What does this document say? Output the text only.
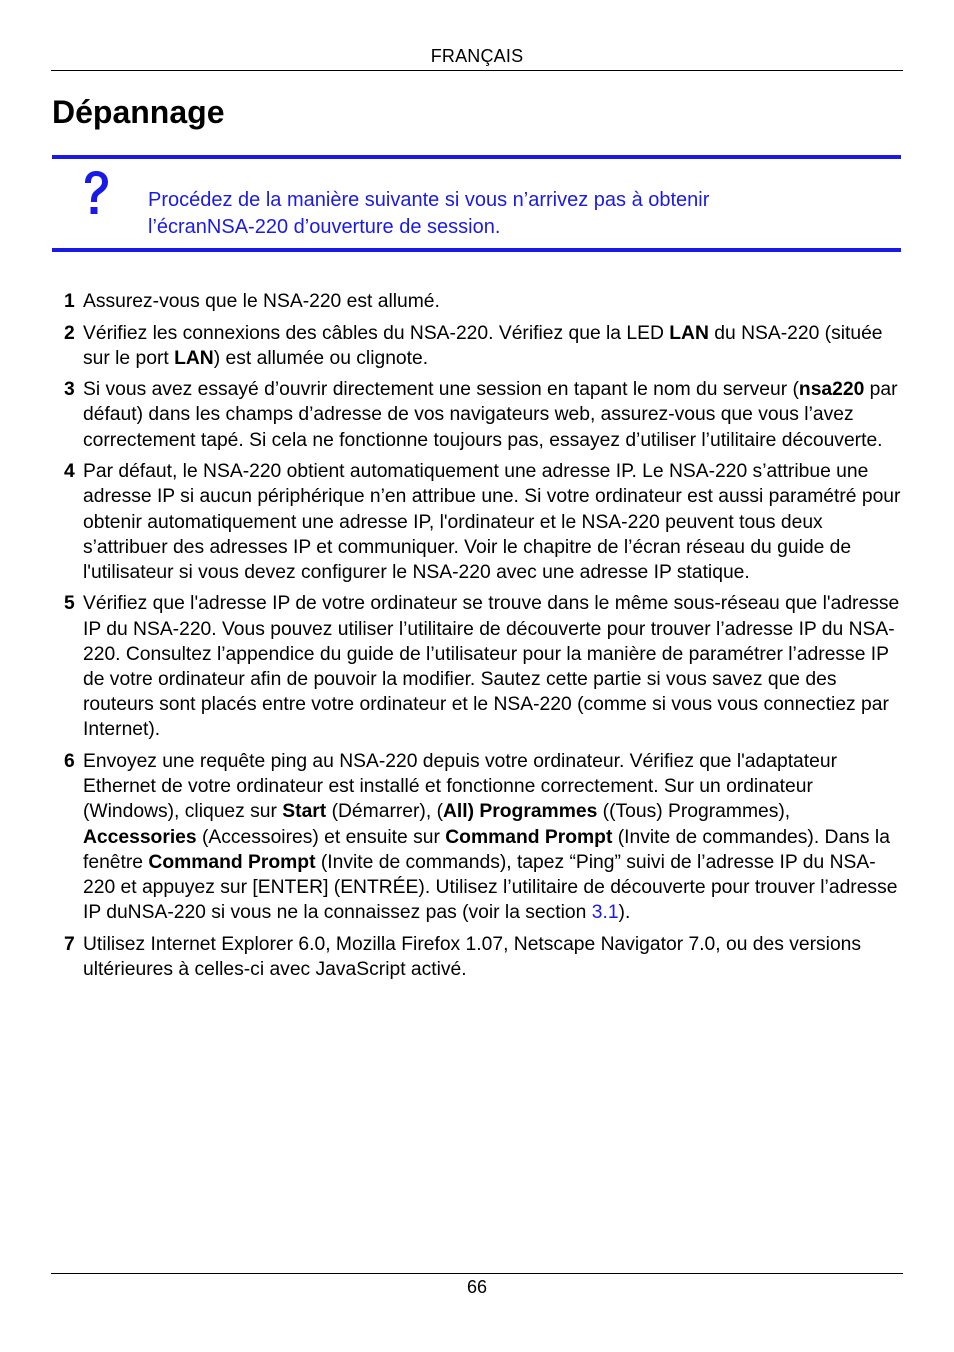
FRANÇAIS
Dépannage
Procédez de la manière suivante si vous n’arrivez pas à obtenir
l’écranNSA-220 d’ouverture de session.
1 Assurez-vous que le NSA-220 est allumé.
2 Vérifiez les connexions des câbles du NSA-220. Vérifiez que la LED LAN du NSA-220 (située sur le port LAN) est allumée ou clignote.
3 Si vous avez essayé d’ouvrir directement une session en tapant le nom du serveur (nsa220 par défaut) dans les champs d’adresse de vos navigateurs web, assurez-vous que vous l’avez correctement tapé. Si cela ne fonctionne toujours pas, essayez d’utiliser l’utilitaire découverte.
4 Par défaut, le NSA-220 obtient automatiquement une adresse IP. Le NSA-220 s’attribue une adresse IP si aucun périphérique n’en attribue une. Si votre ordinateur est aussi paramétré pour obtenir automatiquement une adresse IP, l'ordinateur et le NSA-220 peuvent tous deux s’attribuer des adresses IP et communiquer. Voir le chapitre de l’écran réseau du guide de l'utilisateur si vous devez configurer le NSA-220 avec une adresse IP statique.
5 Vérifiez que l'adresse IP de votre ordinateur se trouve dans le même sous-réseau que l'adresse IP du NSA-220. Vous pouvez utiliser l’utilitaire de découverte pour trouver l’adresse IP du NSA-220. Consultez l’appendice du guide de l’utilisateur pour la manière de paramétrer l’adresse IP de votre ordinateur afin de pouvoir la modifier. Sautez cette partie si vous savez que des routeurs sont placés entre votre ordinateur et le NSA-220 (comme si vous vous connectiez par Internet).
6 Envoyez une requête ping au NSA-220 depuis votre ordinateur. Vérifiez que l'adaptateur Ethernet de votre ordinateur est installé et fonctionne correctement. Sur un ordinateur (Windows), cliquez sur Start (Démarrer), (All) Programmes ((Tous) Programmes), Accessories (Accessoires) et ensuite sur Command Prompt (Invite de commandes). Dans la fenêtre Command Prompt (Invite de commands), tapez “Ping” suivi de l’adresse IP du NSA-220 et appuyez sur [ENTER] (ENTRÉE). Utilisez l’utilitaire de découverte pour trouver l’adresse IP duNSA-220 si vous ne la connaissez pas (voir la section 3.1).
7 Utilisez Internet Explorer 6.0, Mozilla Firefox 1.07, Netscape Navigator 7.0, ou des versions ultérieures à celles-ci avec JavaScript activé.
66
